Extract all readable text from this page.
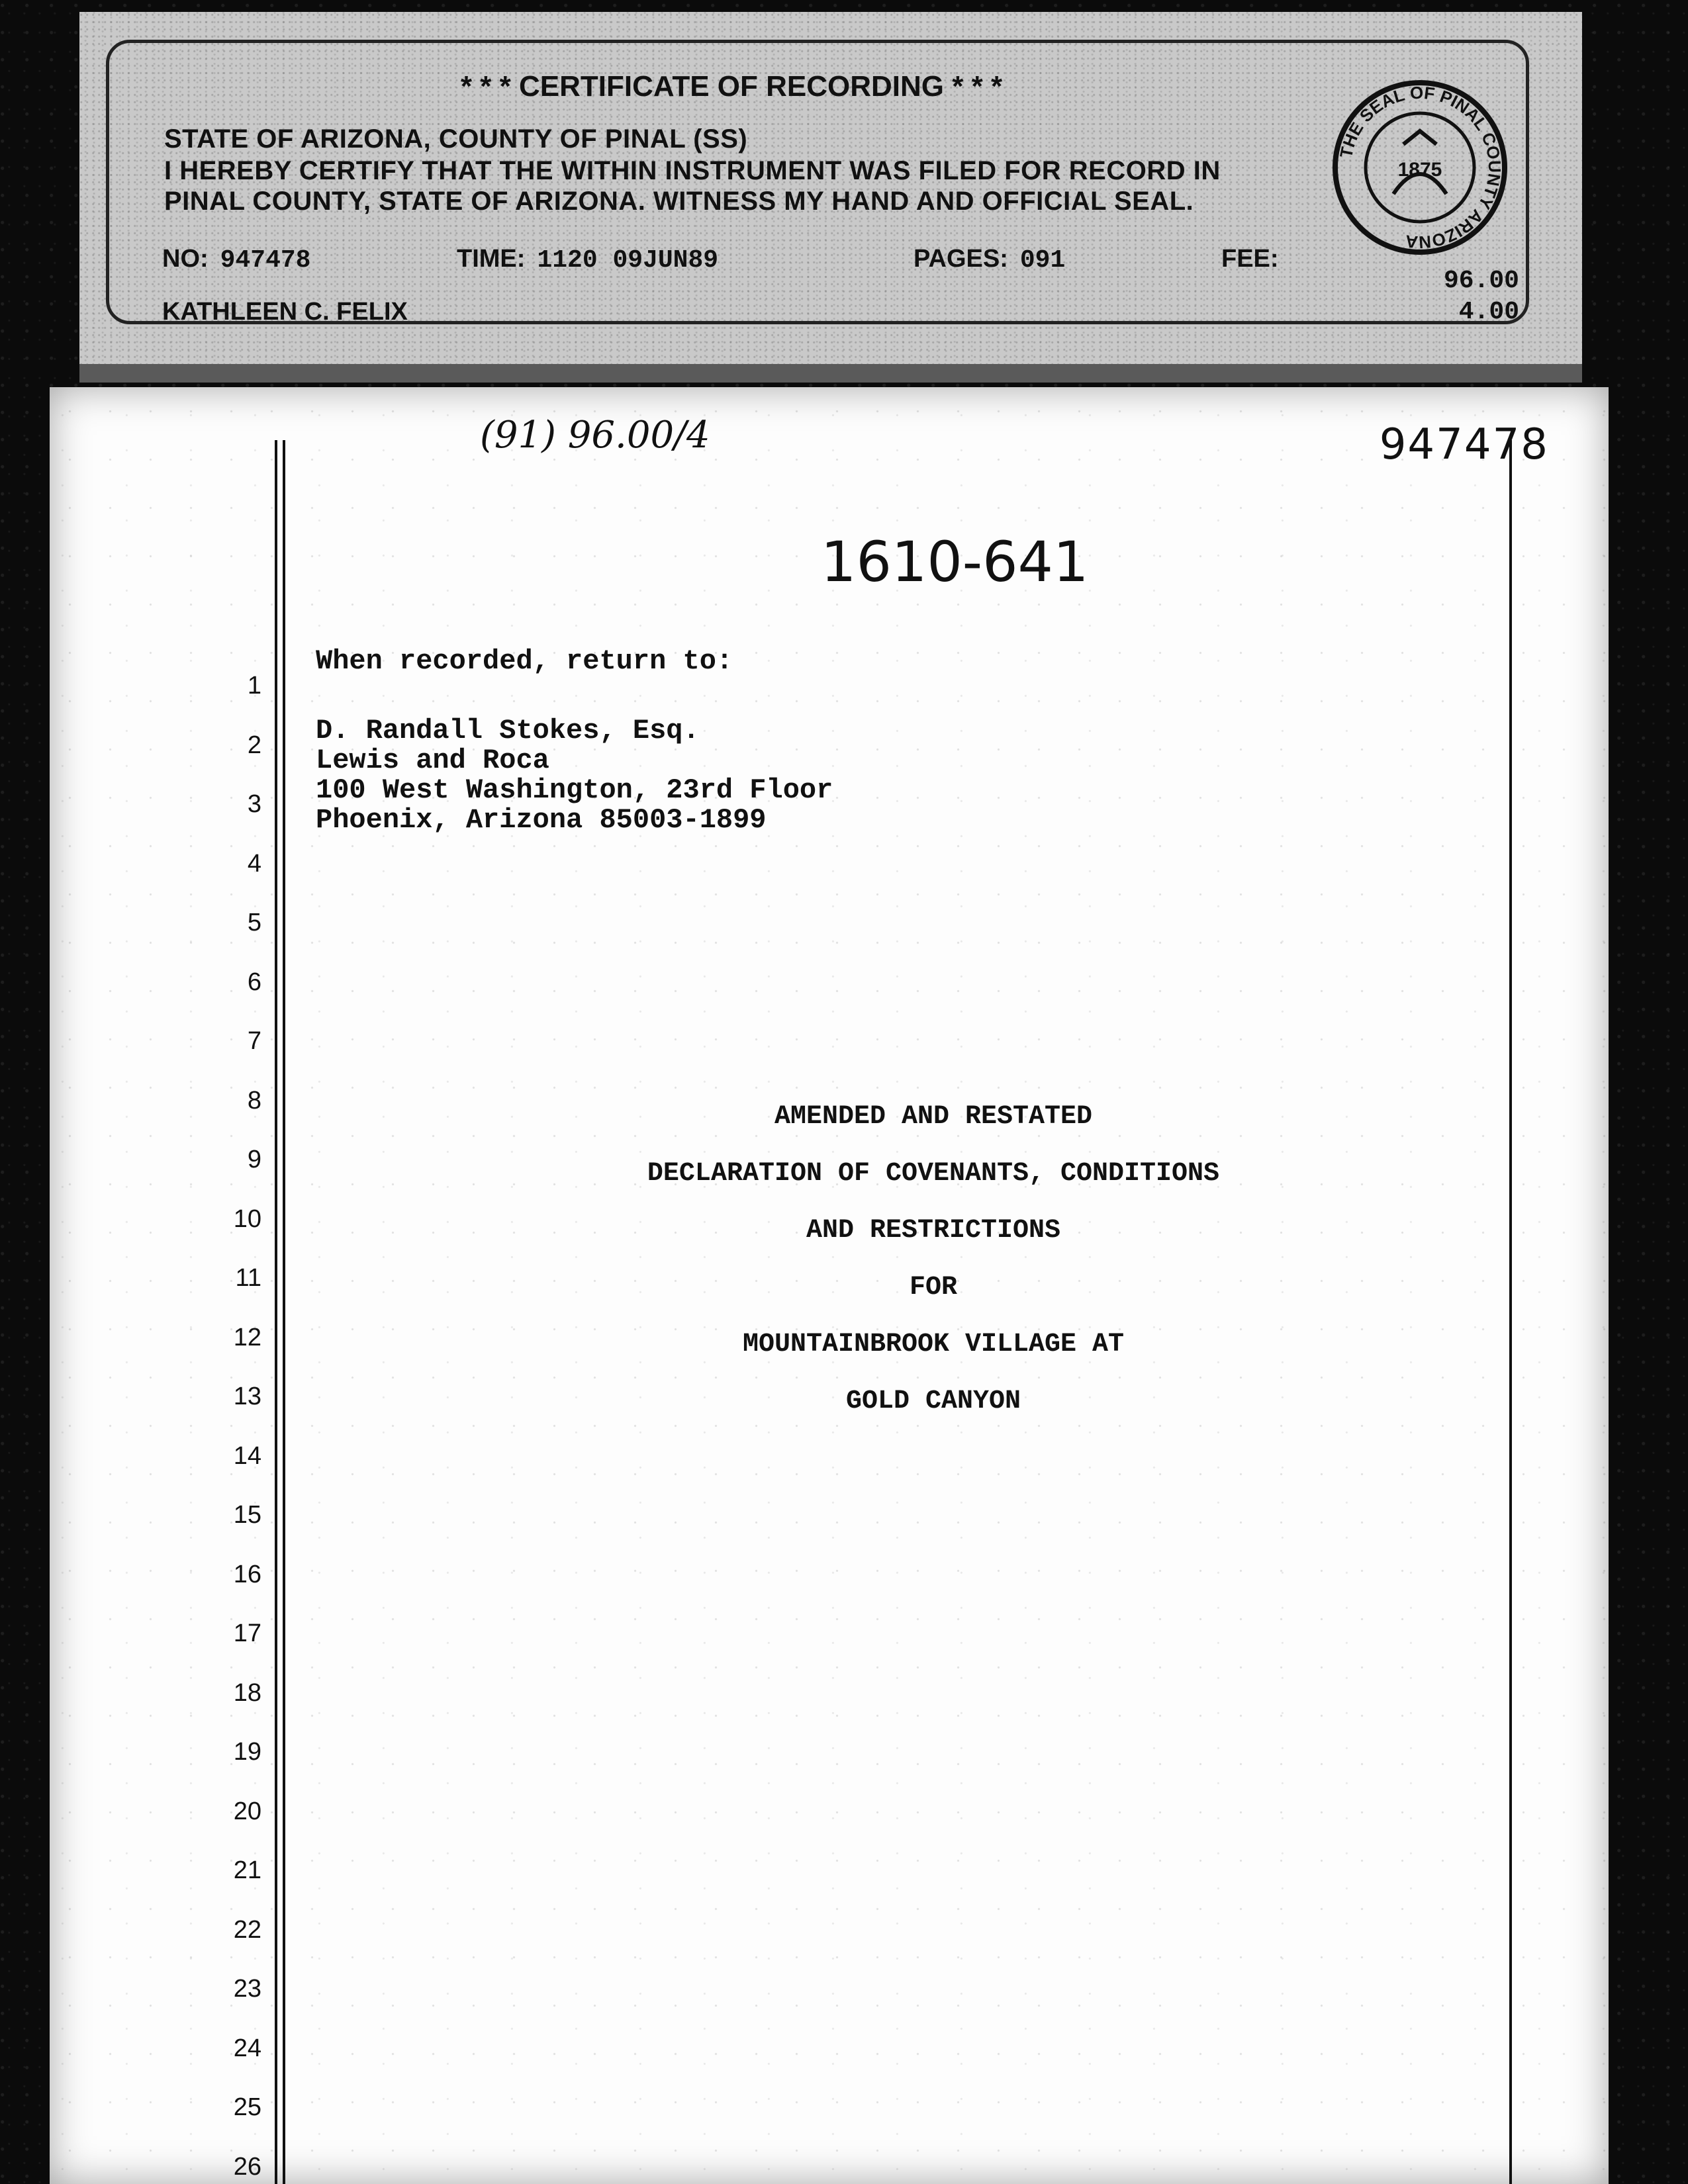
* * * CERTIFICATE OF RECORDING * * *
STATE OF ARIZONA, COUNTY OF PINAL (SS)
I HEREBY CERTIFY THAT THE WITHIN INSTRUMENT WAS FILED FOR RECORD IN
PINAL COUNTY, STATE OF ARIZONA. WITNESS MY HAND AND OFFICIAL SEAL.
NO: 947478	TIME: 1120 09JUN89	PAGES: 091	FEE:
96.00
4.00
KATHLEEN C. FELIX
THE SEAL OF PINAL COUNTY ARIZONA
1875
(91) 96.00/4	947478
1610-641
When recorded, return to:
D. Randall Stokes, Esq.
Lewis and Roca
100 West Washington, 23rd Floor
Phoenix, Arizona 85003-1899
AMENDED AND RESTATED
DECLARATION OF COVENANTS, CONDITIONS
AND RESTRICTIONS
FOR
MOUNTAINBROOK VILLAGE AT
GOLD CANYON
1
2
3
4
5
6
7
8
9
10
11
12
13
14
15
16
17
18
19
20
21
22
23
24
25
26
